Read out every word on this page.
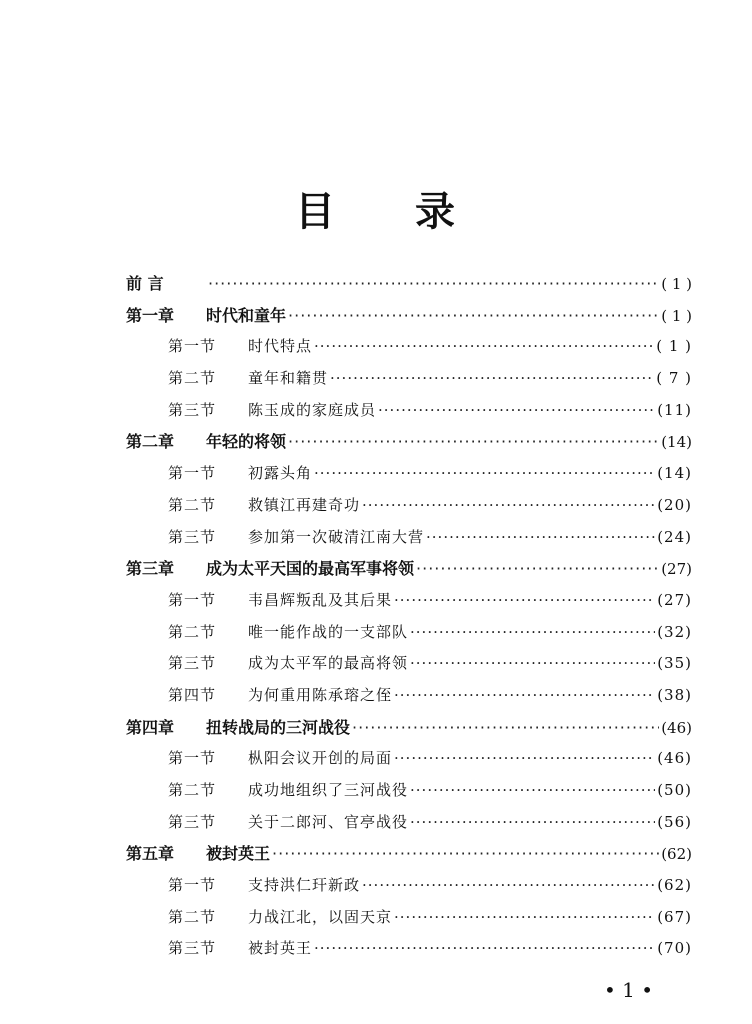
目 录
前 言 ·····	( 1 )
第一章	时代和童年 ·····	( 1 )
第一节	时代特点 ·····	( 1 )
第二节	童年和籍贯 ·····	( 7 )
第三节	陈玉成的家庭成员 ·····	(11)
第二章	年轻的将领 ·····	(14)
第一节	初露头角 ·····	(14)
第二节	救镇江再建奇功 ·····	(20)
第三节	参加第一次破清江南大营 ·····	(24)
第三章	成为太平天国的最高军事将领 ·····	(27)
第一节	韦昌辉叛乱及其后果 ·····	(27)
第二节	唯一能作战的一支部队 ·····	(32)
第三节	成为太平军的最高将领 ·····	(35)
第四节	为何重用陈承瑢之侄 ·····	(38)
第四章	扭转战局的三河战役 ·····	(46)
第一节	枞阳会议开创的局面 ·····	(46)
第二节	成功地组织了三河战役 ·····	(50)
第三节	关于二郎河、官亭战役 ·····	(56)
第五章	被封英王 ·····	(62)
第一节	支持洪仁玕新政 ·····	(62)
第二节	力战江北，以固天京 ·····	(67)
第三节	被封英王 ·····	(70)
• 1 •
